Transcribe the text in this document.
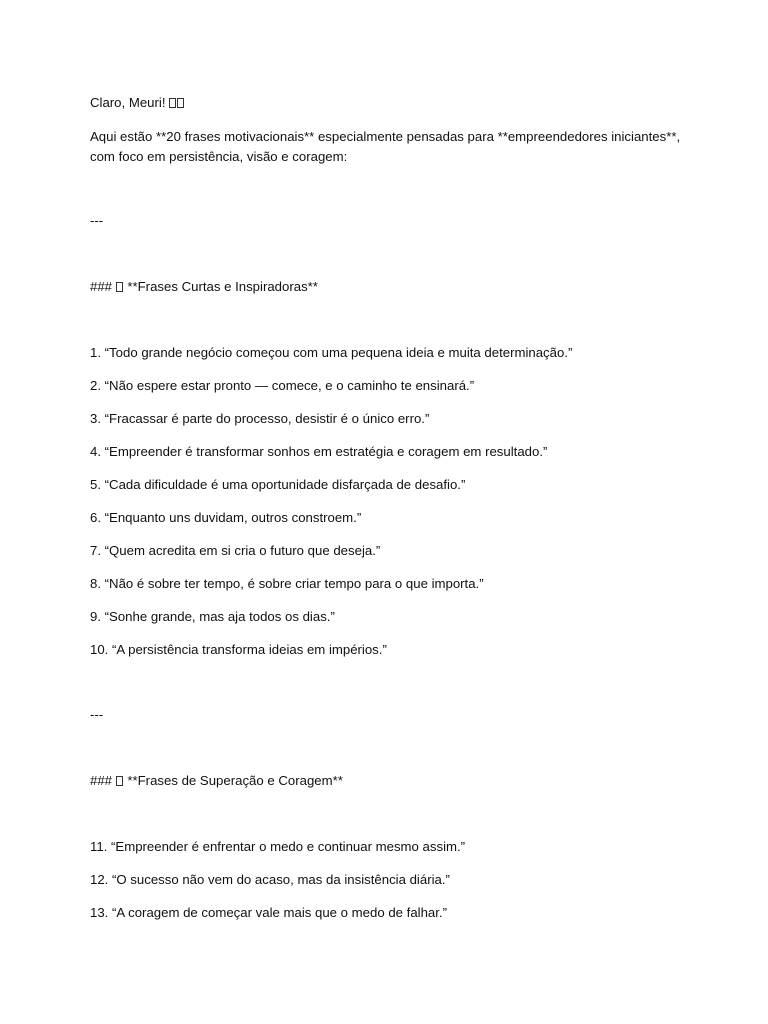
Claro, Meuri!
Aqui estão **20 frases motivacionais** especialmente pensadas para **empreendedores iniciantes**,
com foco em persistência, visão e coragem:
---
### **Frases Curtas e Inspiradoras**
1. “Todo grande negócio começou com uma pequena ideia e muita determinação.”
2. “Não espere estar pronto — comece, e o caminho te ensinará.”
3. “Fracassar é parte do processo, desistir é o único erro.”
4. “Empreender é transformar sonhos em estratégia e coragem em resultado.”
5. “Cada dificuldade é uma oportunidade disfarçada de desafio.”
6. “Enquanto uns duvidam, outros constroem.”
7. “Quem acredita em si cria o futuro que deseja.”
8. “Não é sobre ter tempo, é sobre criar tempo para o que importa.”
9. “Sonhe grande, mas aja todos os dias.”
10. “A persistência transforma ideias em impérios.”
---
### **Frases de Superação e Coragem**
11. “Empreender é enfrentar o medo e continuar mesmo assim.”
12. “O sucesso não vem do acaso, mas da insistência diária.”
13. “A coragem de começar vale mais que o medo de falhar.”
